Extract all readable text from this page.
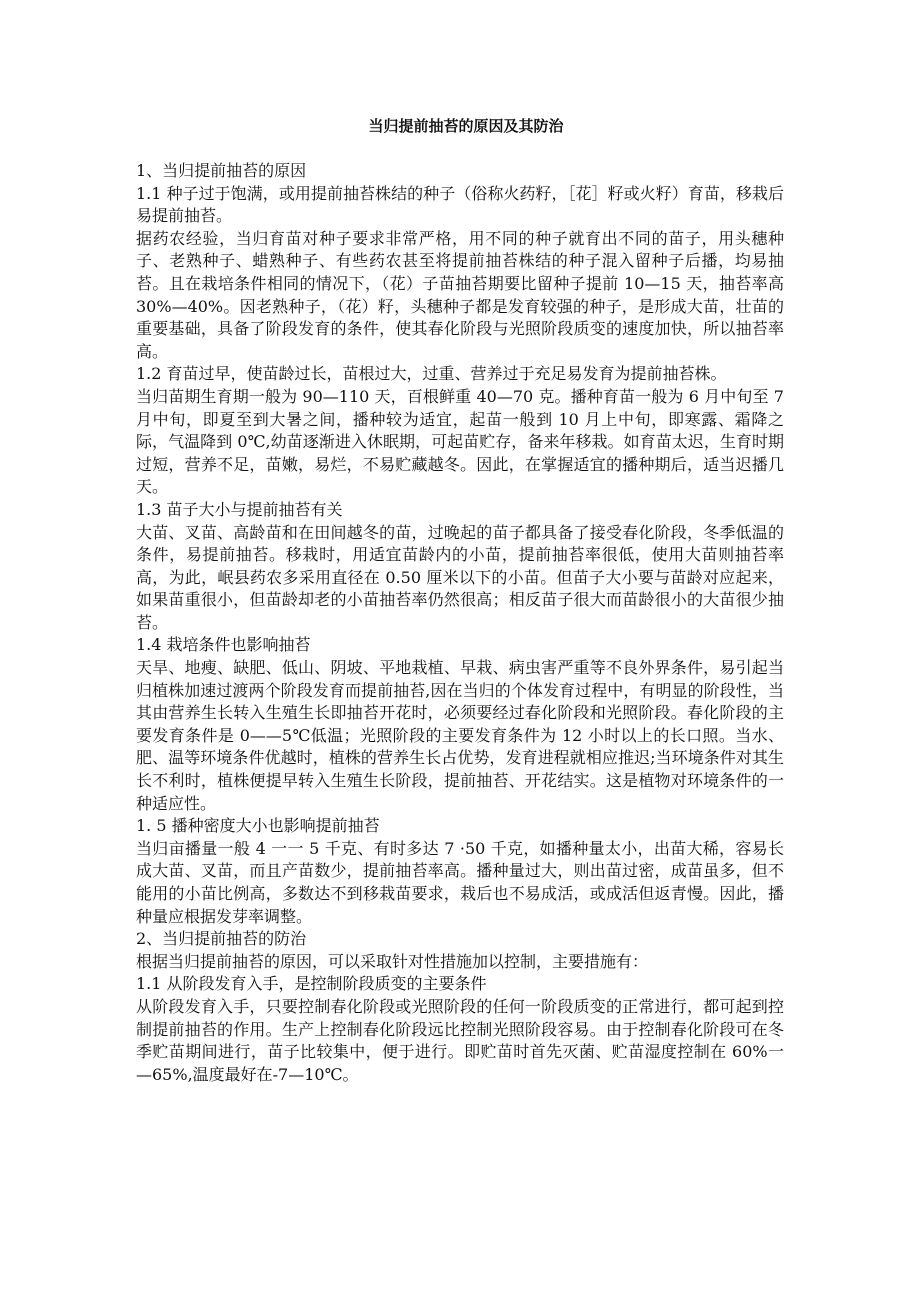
当归提前抽苔的原因及其防治

1、当归提前抽苔的原因

1.1 种子过于饱满，或用提前抽苔株结的种子（俗称火药籽，［花］籽或火籽）育苗，移栽后易提前抽苔。

据药农经验，当归育苗对种子要求非常严格，用不同的种子就育出不同的苗子，用头穗种子、老熟种子、蜡熟种子、有些药农甚至将提前抽苔株结的种子混入留种子后播，均易抽苔。且在栽培条件相同的情况下，（花）子苗抽苔期要比留种子提前 10—15 天，抽苔率高 30%—40%。因老熟种子，（花）籽，头穗种子都是发育较强的种子，是形成大苗，壮苗的重要基础，具备了阶段发育的条件，使其春化阶段与光照阶段质变的速度加快，所以抽苔率高。

1.2 育苗过早，使苗龄过长，苗根过大，过重、营养过于充足易发育为提前抽苔株。

当归苗期生育期一般为 90—110 天，百根鲜重 40—70 克。播种育苗一般为 6 月中旬至 7 月中旬，即夏至到大暑之间，播种较为适宜，起苗一般到 10 月上中旬，即寒露、霜降之际，气温降到 0℃,幼苗逐渐进入休眠期，可起苗贮存，备来年移栽。如育苗太迟，生育时期过短，营养不足，苗嫩，易烂，不易贮藏越冬。因此，在掌握适宜的播种期后，适当迟播几天。

1.3 苗子大小与提前抽苔有关

大苗、叉苗、高龄苗和在田间越冬的苗，过晚起的苗子都具备了接受春化阶段，冬季低温的条件，易提前抽苔。移栽时，用适宜苗龄内的小苗，提前抽苔率很低，使用大苗则抽苔率高，为此，岷县药农多采用直径在 0.50 厘米以下的小苗。但苗子大小要与苗龄对应起来，如果苗重很小，但苗龄却老的小苗抽苔率仍然很高；相反苗子很大而苗龄很小的大苗很少抽苔。

1.4 栽培条件也影响抽苔

天旱、地瘦、缺肥、低山、阴坡、平地栽植、早栽、病虫害严重等不良外界条件，易引起当归植株加速过渡两个阶段发育而提前抽苔,因在当归的个体发育过程中，有明显的阶段性，当其由营养生长转入生殖生长即抽苔开花时，必须要经过春化阶段和光照阶段。春化阶段的主要发育条件是 0——5℃低温；光照阶段的主要发育条件为 12 小时以上的长口照。当水、肥、温等环境条件优越时，植株的营养生长占优势，发育进程就相应推迟;当环境条件对其生长不利时，植株便提早转入生殖生长阶段，提前抽苔、开花结实。这是植物对环境条件的一种适应性。

1. 5 播种密度大小也影响提前抽苔

当归亩播量一般 4 一一 5 千克、有时多达 7 ·50 千克，如播种量太小，出苗大稀，容易长成大苗、叉苗，而且产苗数少，提前抽苔率高。播种量过大，则出苗过密，成苗虽多，但不能用的小苗比例高，多数达不到移栽苗要求，栽后也不易成活，或成活但返青慢。因此，播种量应根据发芽率调整。

2、当归提前抽苔的防治

根据当归提前抽苔的原因，可以采取针对性措施加以控制，主要措施有：

1.1 从阶段发育入手，是控制阶段质变的主要条件

从阶段发育入手，只要控制春化阶段或光照阶段的任何一阶段质变的正常进行，都可起到控制提前抽苔的作用。生产上控制春化阶段远比控制光照阶段容易。由于控制春化阶段可在冬季贮苗期间进行，苗子比较集中，便于进行。即贮苗时首先灭菌、贮苗湿度控制在 60%一—65%,温度最好在-7—10℃。
